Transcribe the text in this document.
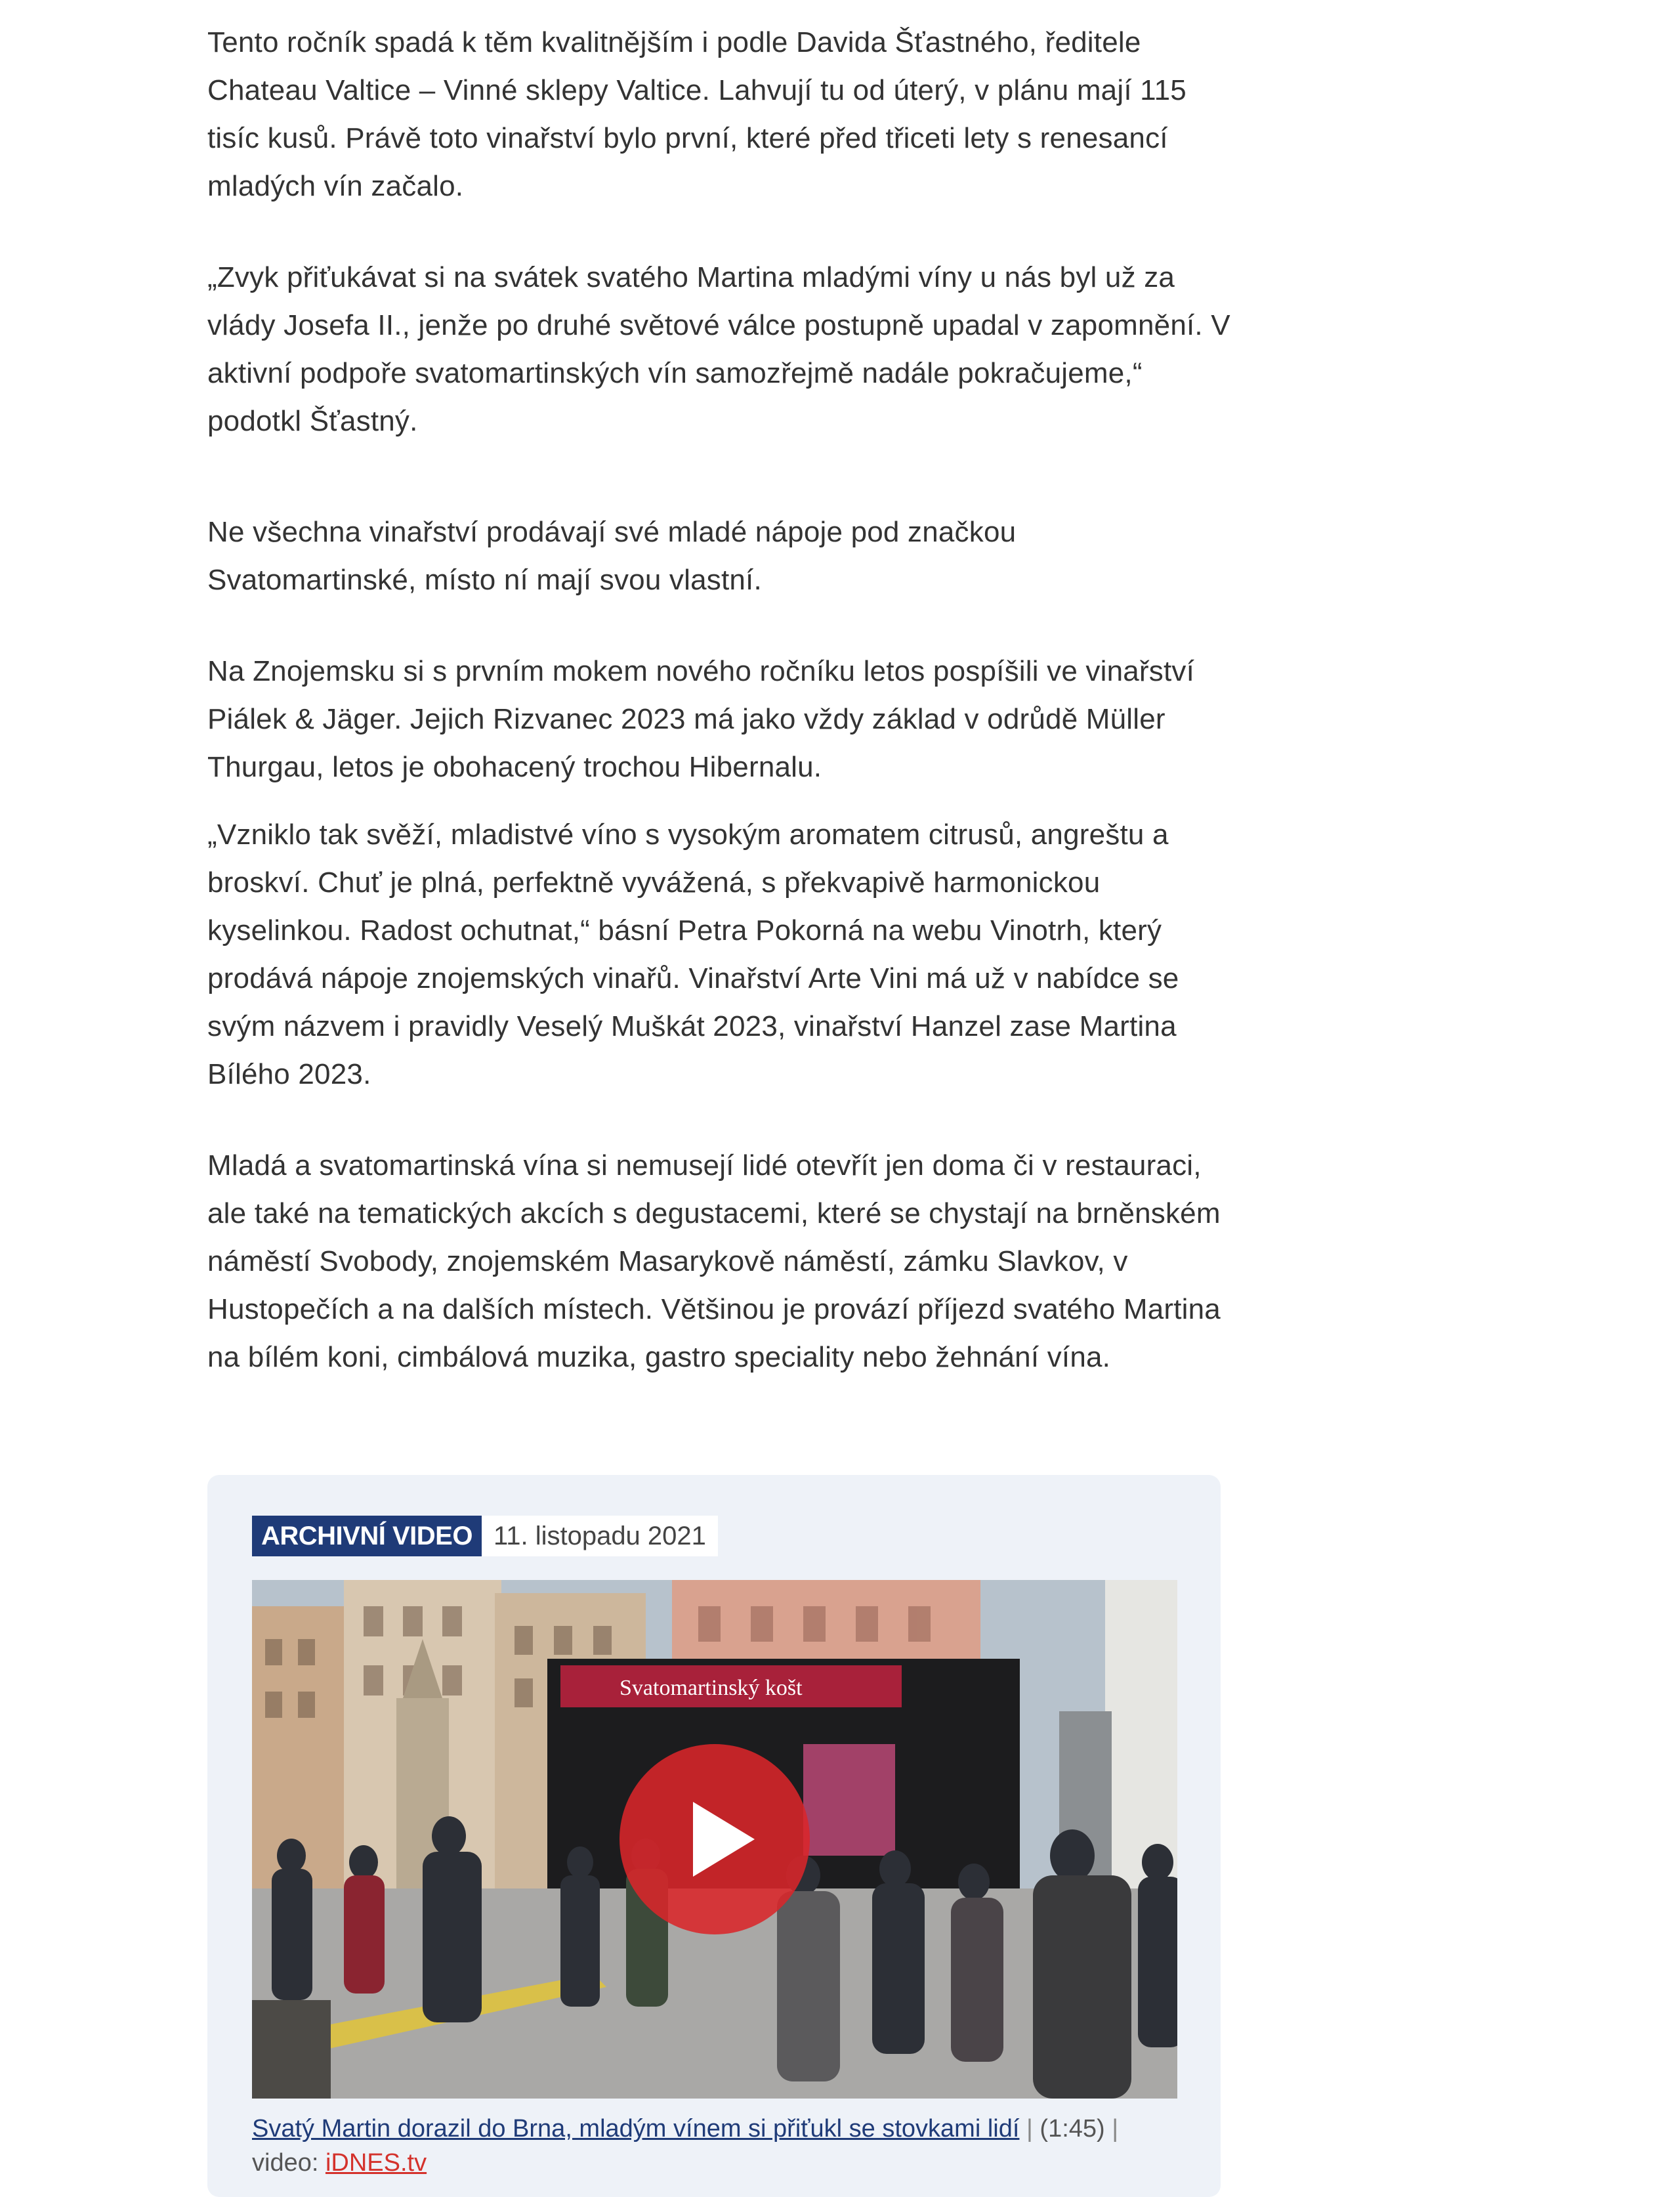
Tento ročník spadá k těm kvalitnějším i podle Davida Šťastného, ředitele Chateau Valtice – Vinné sklepy Valtice. Lahvují tu od úterý, v plánu mají 115 tisíc kusů. Právě toto vinařství bylo první, které před třiceti lety s renesancí mladých vín začalo.

„Zvyk přiťukávat si na svátek svatého Martina mladými víny u nás byl už za vlády Josefa II., jenže po druhé světové válce postupně upadal v zapomnění. V aktivní podpoře svatomartinských vín samozřejmě nadále pokračujeme,“ podotkl Šťastný.

Ne všechna vinařství prodávají své mladé nápoje pod značkou Svatomartinské, místo ní mají svou vlastní.

Na Znojemsku si s prvním mokem nového ročníku letos pospíšili ve vinařství Piálek & Jäger. Jejich Rizvanec 2023 má jako vždy základ v odrůdě Müller Thurgau, letos je obohacený trochou Hibernalu.

„Vzniklo tak svěží, mladistvé víno s vysokým aromatem citrusů, angreštu a broskví. Chuť je plná, perfektně vyvážená, s překvapivě harmonickou kyselinkou. Radost ochutnat,“ básní Petra Pokorná na webu Vinotrh, který prodává nápoje znojemských vinařů. Vinařství Arte Vini má už v nabídce se svým názvem i pravidly Veselý Muškát 2023, vinařství Hanzel zase Martina Bílého 2023.

Mladá a svatomartinská vína si nemusejí lidé otevřít jen doma či v restauraci, ale také na tematických akcích s degustacemi, které se chystají na brněnském náměstí Svobody, znojemském Masarykově náměstí, zámku Slavkov, v Hustopečích a na dalších místech. Většinou je provází příjezd svatého Martina na bílém koni, cimbálová muzika, gastro speciality nebo žehnání vína.

ARCHIVNÍ VIDEO 11. listopadu 2021
Svatomartinský košt
Svatý Martin dorazil do Brna, mladým vínem si přiťukl se stovkami lidí | (1:45) |
video: iDNES.tv
